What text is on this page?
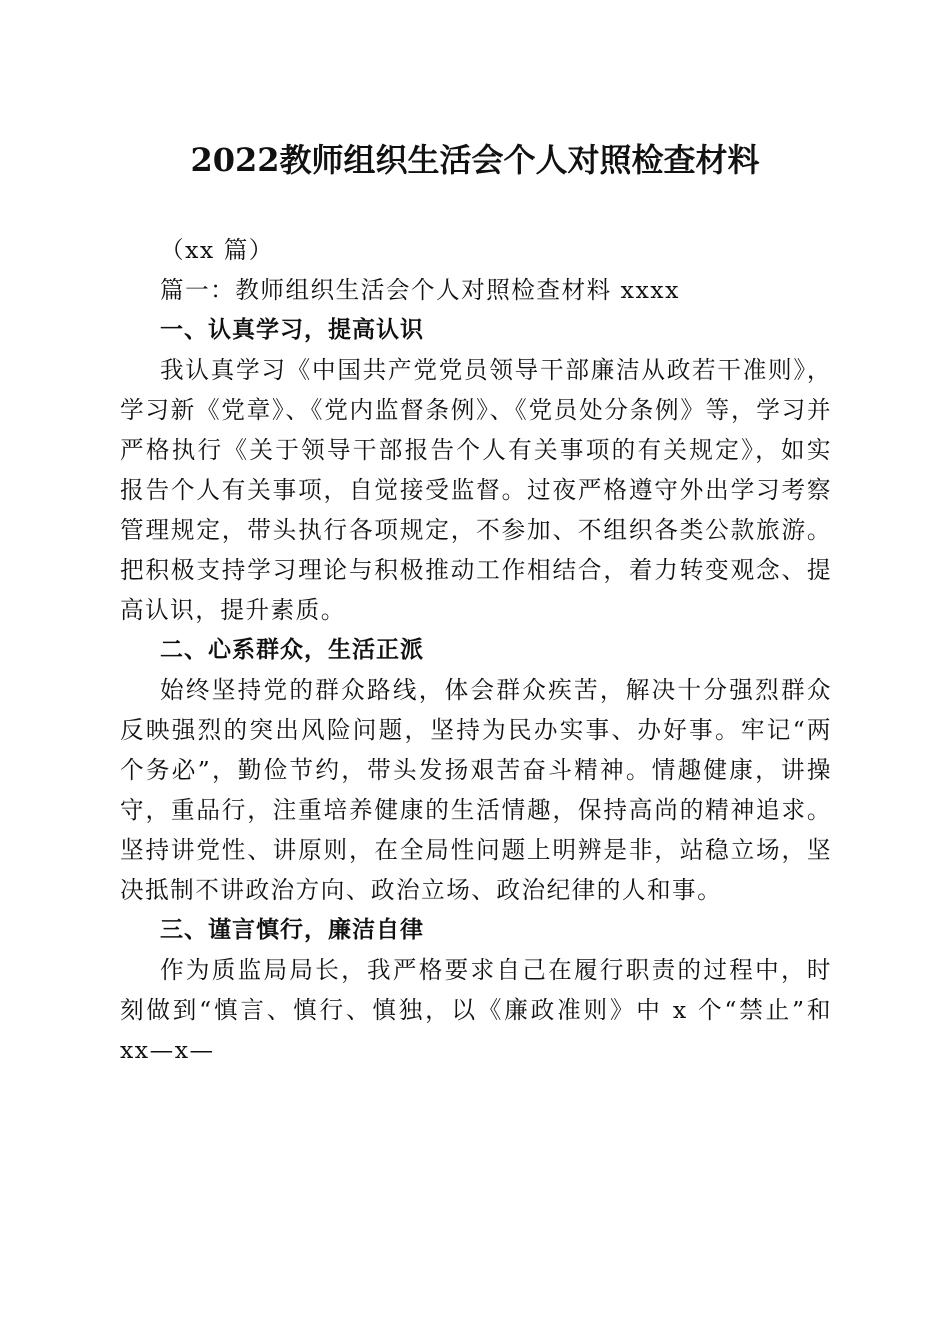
2022教师组织生活会个人对照检查材料
（xx 篇）
篇一：教师组织生活会个人对照检查材料 xxxx
一、认真学习，提高认识

我认真学习《中国共产党党员领导干部廉洁从政若干准则》，学习新《党章》、《党内监督条例》、《党员处分条例》等，学习并严格执行《关于领导干部报告个人有关事项的有关规定》，如实报告个人有关事项，自觉接受监督。过夜严格遵守外出学习考察管理规定，带头执行各项规定，不参加、不组织各类公款旅游。把积极支持学习理论与积极推动工作相结合，着力转变观念、提高认识，提升素质。

二、心系群众，生活正派

始终坚持党的群众路线，体会群众疾苦，解决十分强烈群众反映强烈的突出风险问题，坚持为民办实事、办好事。牢记“两个务必”，勤俭节约，带头发扬艰苦奋斗精神。情趣健康，讲操守，重品行，注重培养健康的生活情趣，保持高尚的精神追求。坚持讲党性、讲原则，在全局性问题上明辨是非，站稳立场，坚决抵制不讲政治方向、政治立场、政治纪律的人和事。

三、谨言慎行，廉洁自律

作为质监局局长，我严格要求自己在履行职责的过程中，时刻做到“慎言、慎行、慎独，以《廉政准则》中 x 个“禁止”和 xx—x—
